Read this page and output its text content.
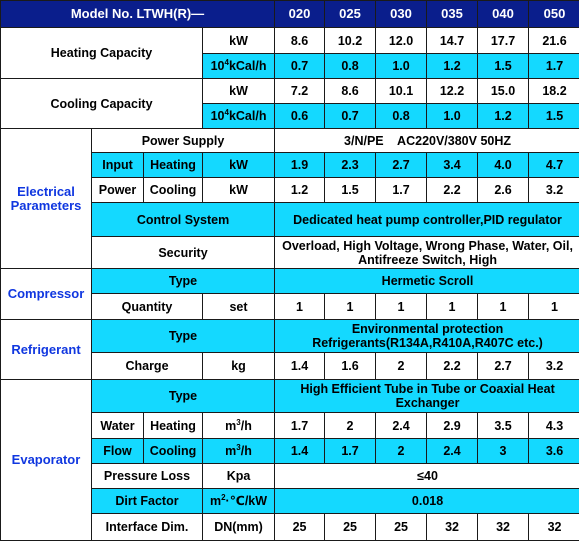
Model No. LTWH(R)—				020	025	030	035	040	050
Heating Capacity			kW	8.6	10.2	12.0	14.7	17.7	21.6
			$10^4kCal/h$	0.7	0.8	1.0	1.2	1.5	1.7
Cooling Capacity			kW	7.2	8.6	10.1	12.2	15.0	18.2
			$10^4kCal/h$	0.6	0.7	0.8	1.0	1.2	1.5
Electrical
Parameters	Power Supply			3/N/PE    AC220V/380V 50HZ					
	Input	Heating	kW	1.9	2.3	2.7	3.4	4.0	4.7
	Power	Cooling	kW	1.2	1.5	1.7	2.2	2.6	3.2
	Control System			Dedicated heat pump controller,PID regulator					
	Security			Overload, High Voltage, Wrong Phase, Water, Oil, Antifreeze Switch, High					

Compressor	Type			Hermetic Scroll					
	Quantity		set	1	1	1	1	1	1
Refrigerant	Type			Environmental protection Refrigerants(R134A,R410A,R407C etc.)					
	Charge		kg	1.4	1.6	2	2.2	2.7	3.2
Evaporator	Type			High Efficient Tube in Tube or Coaxial Heat Exchanger					
	Water	Heating	$m^3/h$	1.7	2	2.4	2.9	3.5	4.3
	Flow	Cooling	$m^3/h$	1.4	1.7	2	2.4	3	3.6
	Pressure Loss		Kpa	≤40					
	Dirt Factor		$m^2\cdot℃/kW$	0.018					
	Interface Dim.		DN(mm)	25	25	25	32	32	32
